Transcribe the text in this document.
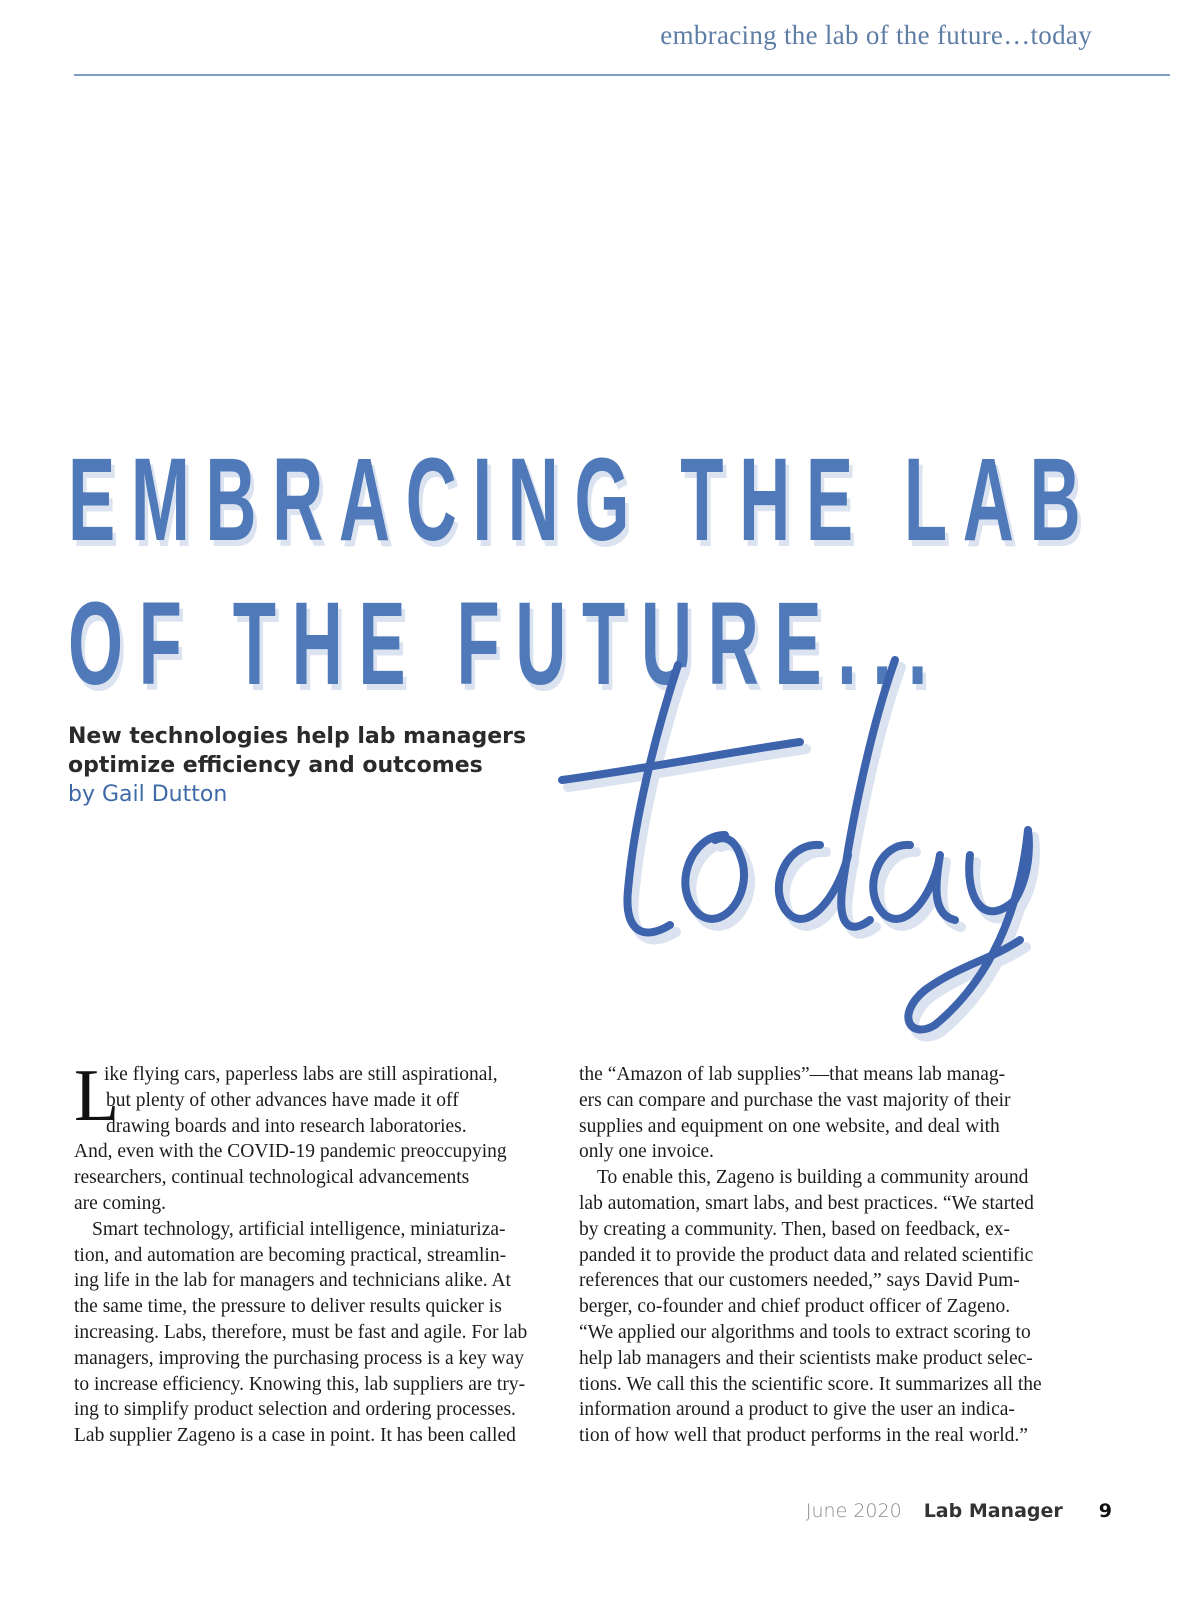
embracing the lab of the future…today
EMBRACING THE LAB
OF THE FUTURE...
New technologies help lab managers
optimize efficiency and outcomes
by Gail Dutton
L
ike flying cars, paperless labs are still aspirational,
but plenty of other advances have made it off
drawing boards and into research laboratories.
And, even with the COVID-19 pandemic preoccupying
researchers, continual technological advancements
are coming.
Smart technology, artificial intelligence, miniaturiza-
tion, and automation are becoming practical, streamlin-
ing life in the lab for managers and technicians alike. At
the same time, the pressure to deliver results quicker is
increasing. Labs, therefore, must be fast and agile. For lab
managers, improving the purchasing process is a key way
to increase efficiency. Knowing this, lab suppliers are try-
ing to simplify product selection and ordering processes.
Lab supplier Zageno is a case in point. It has been called
the “Amazon of lab supplies”—that means lab manag-
ers can compare and purchase the vast majority of their
supplies and equipment on one website, and deal with
only one invoice.
To enable this, Zageno is building a community around
lab automation, smart labs, and best practices. “We started
by creating a community. Then, based on feedback, ex-
panded it to provide the product data and related scientific
references that our customers needed,” says David Pum-
berger, co-founder and chief product officer of Zageno.
“We applied our algorithms and tools to extract scoring to
help lab managers and their scientists make product selec-
tions. We call this the scientific score. It summarizes all the
information around a product to give the user an indica-
tion of how well that product performs in the real world.”
June 2020 Lab Manager 9
